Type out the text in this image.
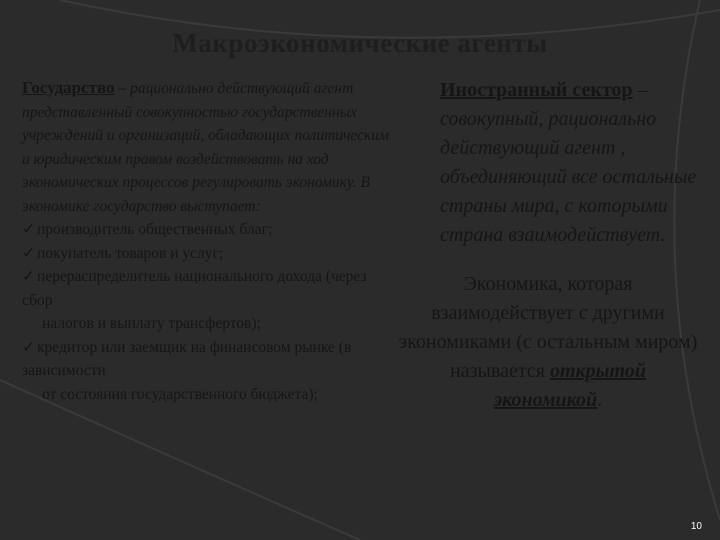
Макроэкономические агенты
Государство – рационально действующий агент представленный совокупностью государственных учреждений и организаций, обладающих политическим и юридическим правом воздействовать на ход экономических процессов регулировать экономику. В экономике государство выступает:
✓ производитель общественных благ;
✓ покупатель товаров и услуг;
✓ перераспределитель национального дохода (через сбор
налогов и выплату трансфертов);
✓ кредитор или заемщик на финансовом рынке (в зависимости
от состояния государственного бюджета);
Иностранный сектор – совокупный, рационально действующий агент , объединяющий все остальные страны мира, с которыми страна взаимодействует.
Экономика, которая взаимодействует с другими экономиками (с остальным миром) называется открытой экономикой.
10
